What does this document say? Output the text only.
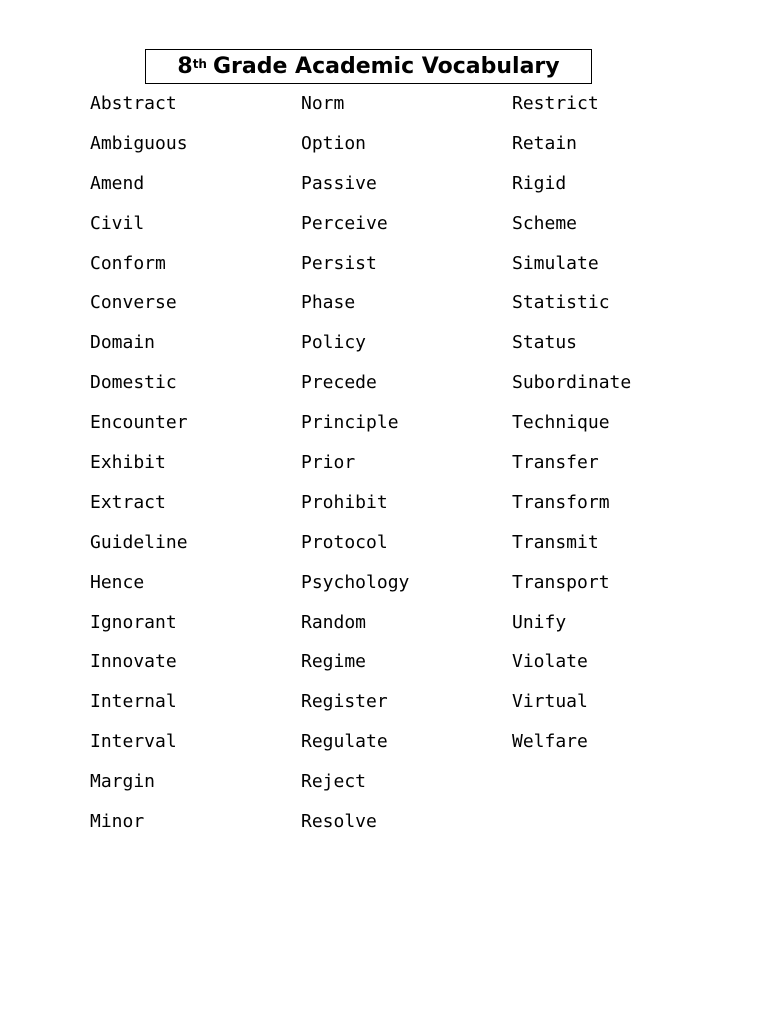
8th Grade Academic Vocabulary
Abstract
Ambiguous
Amend
Civil
Conform
Converse
Domain
Domestic
Encounter
Exhibit
Extract
Guideline
Hence
Ignorant
Innovate
Internal
Interval
Margin
Minor
Norm
Option
Passive
Perceive
Persist
Phase
Policy
Precede
Principle
Prior
Prohibit
Protocol
Psychology
Random
Regime
Register
Regulate
Reject
Resolve
Restrict
Retain
Rigid
Scheme
Simulate
Statistic
Status
Subordinate
Technique
Transfer
Transform
Transmit
Transport
Unify
Violate
Virtual
Welfare
